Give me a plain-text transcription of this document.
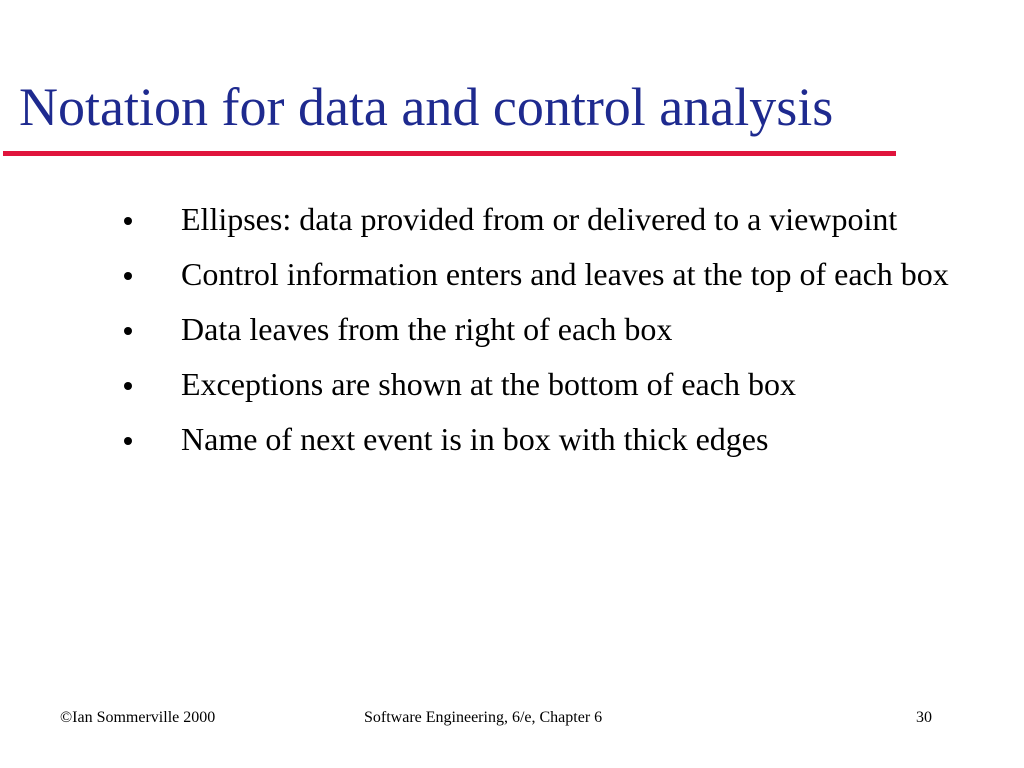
Notation for data and control analysis
Ellipses: data provided from or delivered to a viewpoint
Control information enters and leaves at the top of each box
Data leaves from the right of each box
Exceptions are shown at the bottom of each box
Name of next event is in box with thick edges
©Ian Sommerville 2000	Software Engineering, 6/e, Chapter 6	30
